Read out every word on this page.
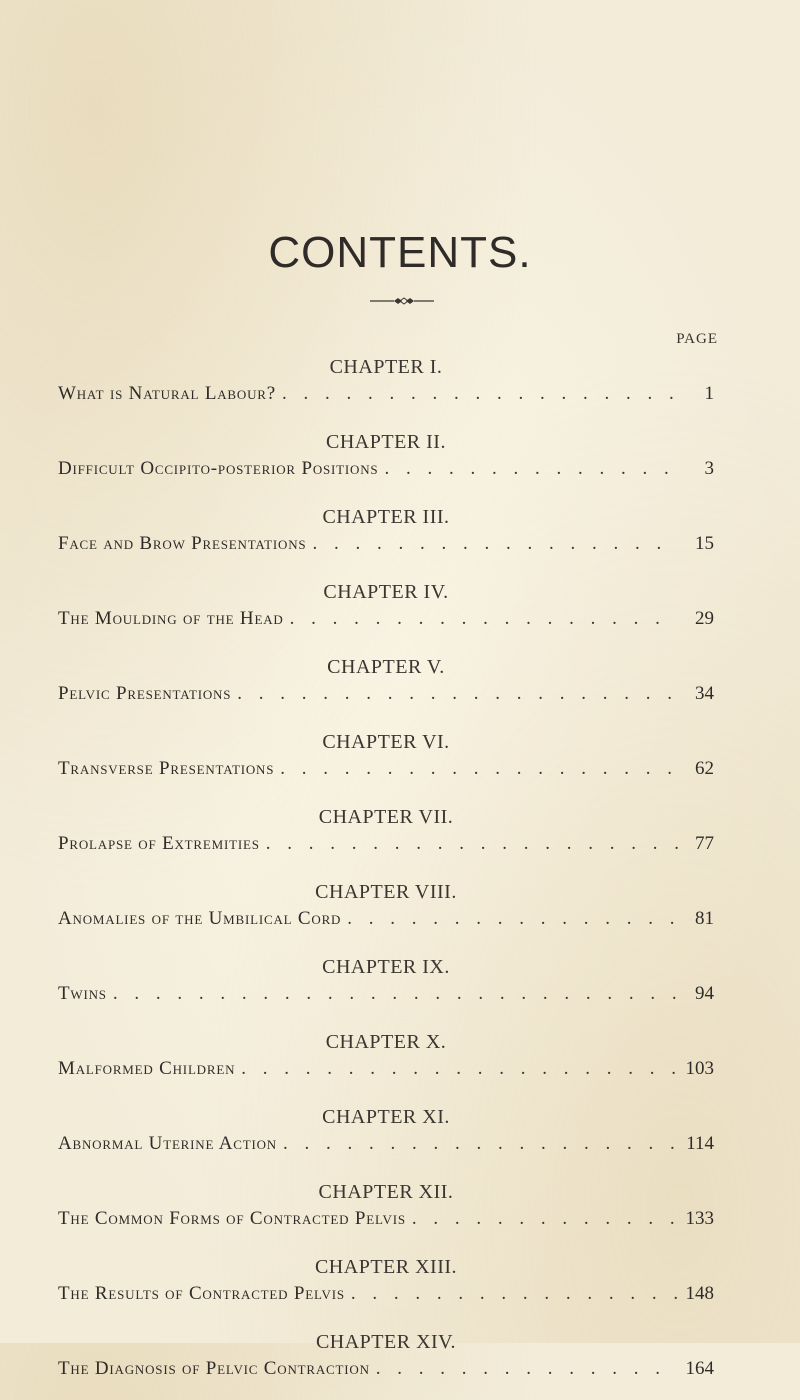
CONTENTS.
PAGE
CHAPTER I.
What is Natural Labour? . . .	1
CHAPTER II.
Difficult Occipito-posterior Positions . . .	3
CHAPTER III.
Face and Brow Presentations . . .	15
CHAPTER IV.
The Moulding of the Head . . .	29
CHAPTER V.
Pelvic Presentations . . .	34
CHAPTER VI.
Transverse Presentations . . .	62
CHAPTER VII.
Prolapse of Extremities . . .	77
CHAPTER VIII.
Anomalies of the Umbilical Cord . . .	81
CHAPTER IX.
Twins . . .	94
CHAPTER X.
Malformed Children . . .	103
CHAPTER XI.
Abnormal Uterine Action . . .	114
CHAPTER XII.
The Common Forms of Contracted Pelvis . . .	133
CHAPTER XIII.
The Results of Contracted Pelvis . . .	148
CHAPTER XIV.
The Diagnosis of Pelvic Contraction . . .	164
